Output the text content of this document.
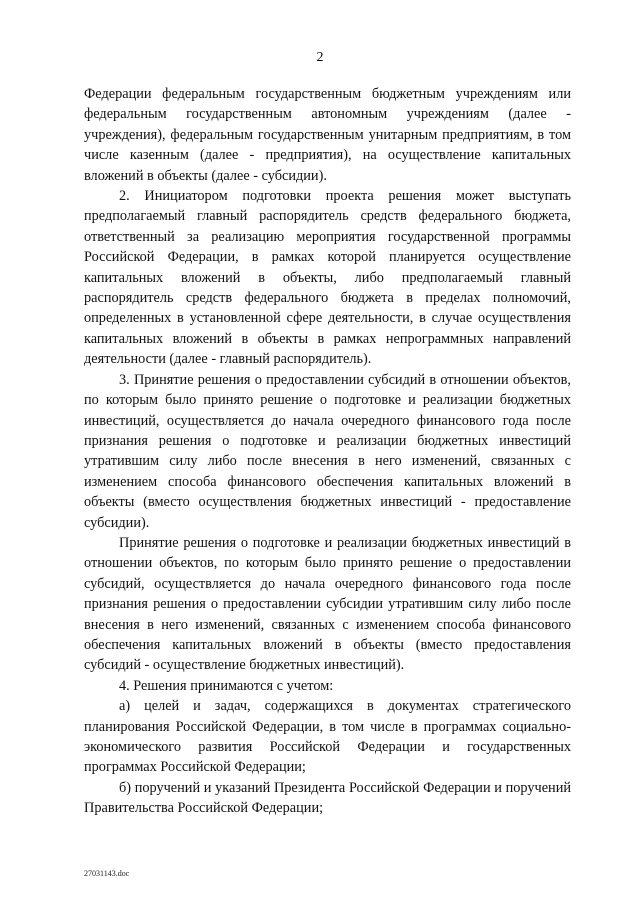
2

Федерации федеральным государственным бюджетным учреждениям или федеральным государственным автономным учреждениям (далее - учреждения), федеральным государственным унитарным предприятиям, в том числе казенным (далее - предприятия), на осуществление капитальных вложений в объекты (далее - субсидии).

2. Инициатором подготовки проекта решения может выступать предполагаемый главный распорядитель средств федерального бюджета, ответственный за реализацию мероприятия государственной программы Российской Федерации, в рамках которой планируется осуществление капитальных вложений в объекты, либо предполагаемый главный распорядитель средств федерального бюджета в пределах полномочий, определенных в установленной сфере деятельности, в случае осуществления капитальных вложений в объекты в рамках непрограммных направлений деятельности (далее - главный распорядитель).

3. Принятие решения о предоставлении субсидий в отношении объектов, по которым было принято решение о подготовке и реализации бюджетных инвестиций, осуществляется до начала очередного финансового года после признания решения о подготовке и реализации бюджетных инвестиций утратившим силу либо после внесения в него изменений, связанных с изменением способа финансового обеспечения капитальных вложений в объекты (вместо осуществления бюджетных инвестиций - предоставление субсидии).

Принятие решения о подготовке и реализации бюджетных инвестиций в отношении объектов, по которым было принято решение о предоставлении субсидий, осуществляется до начала очередного финансового года после признания решения о предоставлении субсидии утратившим силу либо после внесения в него изменений, связанных с изменением способа финансового обеспечения капитальных вложений в объекты (вместо предоставления субсидий - осуществление бюджетных инвестиций).

4. Решения принимаются с учетом:

а) целей и задач, содержащихся в документах стратегического планирования Российской Федерации, в том числе в программах социально-экономического развития Российской Федерации и государственных программах Российской Федерации;

б) поручений и указаний Президента Российской Федерации и поручений Правительства Российской Федерации;

27031143.doc
